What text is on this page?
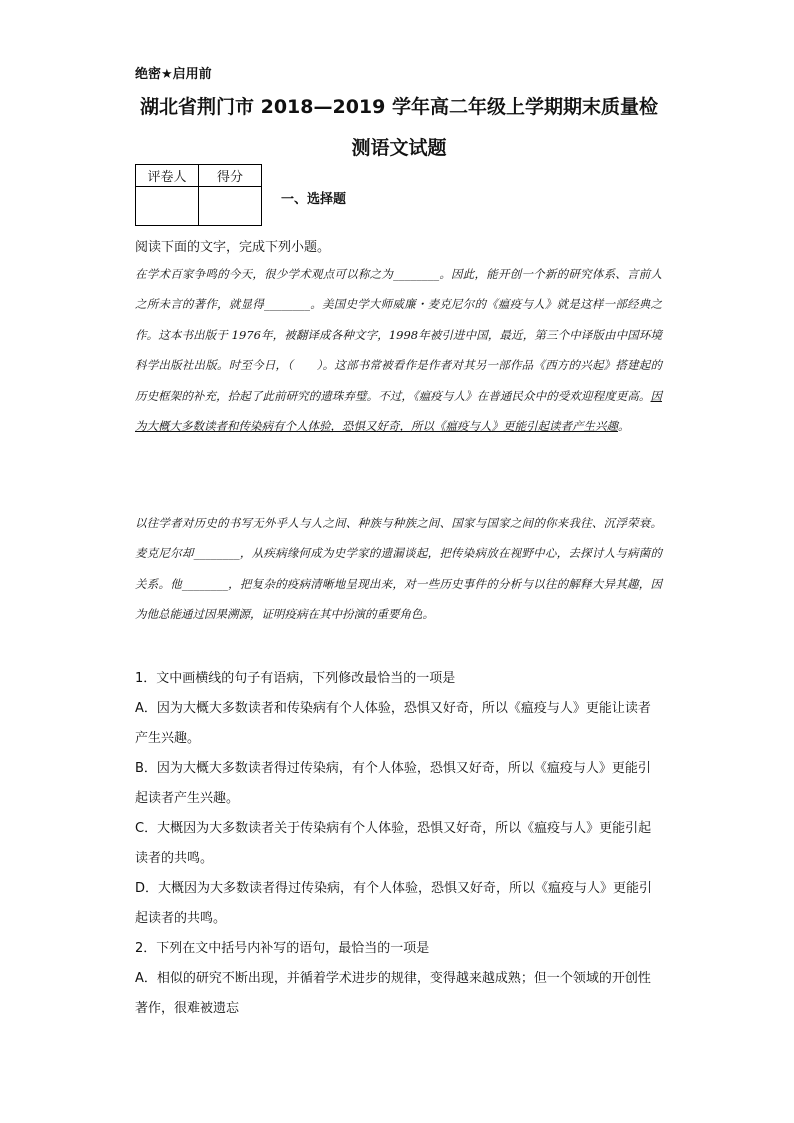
绝密★启用前
湖北省荆门市 2018—2019 学年高二年级上学期期末质量检
测语文试题
评卷人	得分

一、选择题
阅读下面的文字，完成下列小题。
在学术百家争鸣的今天，很少学术观点可以称之为________。因此，能开创一个新的研究体系、言前人之所未言的著作，就显得________。美国史学大师威廉・麦克尼尔的《瘟疫与人》就是这样一部经典之作。这本书出版于 1976年，被翻译成各种文字，1998年被引进中国，最近，第三个中译版由中国环境科学出版社出版。时至今日，（　　）。这部书常被看作是作者对其另一部作品《西方的兴起》搭建起的历史框架的补充，拾起了此前研究的遗珠弃璧。不过，《瘟疫与人》在普通民众中的受欢迎程度更高。因为大概大多数读者和传染病有个人体验，恐惧又好奇，所以《瘟疫与人》更能引起读者产生兴趣。
以往学者对历史的书写无外乎人与人之间、种族与种族之间、国家与国家之间的你来我往、沉浮荣衰。麦克尼尔却________，从疾病缘何成为史学家的遗漏谈起，把传染病放在视野中心，去探讨人与病菌的关系。他________，把复杂的疫病清晰地呈现出来，对一些历史事件的分析与以往的解释大异其趣，因为他总能通过因果溯源，证明疫病在其中扮演的重要角色。
1．文中画横线的句子有语病，下列修改最恰当的一项是
A．因为大概大多数读者和传染病有个人体验，恐惧又好奇，所以《瘟疫与人》更能让读者产生兴趣。
B．因为大概大多数读者得过传染病，有个人体验，恐惧又好奇，所以《瘟疫与人》更能引起读者产生兴趣。
C．大概因为大多数读者关于传染病有个人体验，恐惧又好奇，所以《瘟疫与人》更能引起读者的共鸣。
D．大概因为大多数读者得过传染病，有个人体验，恐惧又好奇，所以《瘟疫与人》更能引起读者的共鸣。
2．下列在文中括号内补写的语句，最恰当的一项是
A．相似的研究不断出现，并循着学术进步的规律，变得越来越成熟；但一个领域的开创性著作，很难被遗忘
